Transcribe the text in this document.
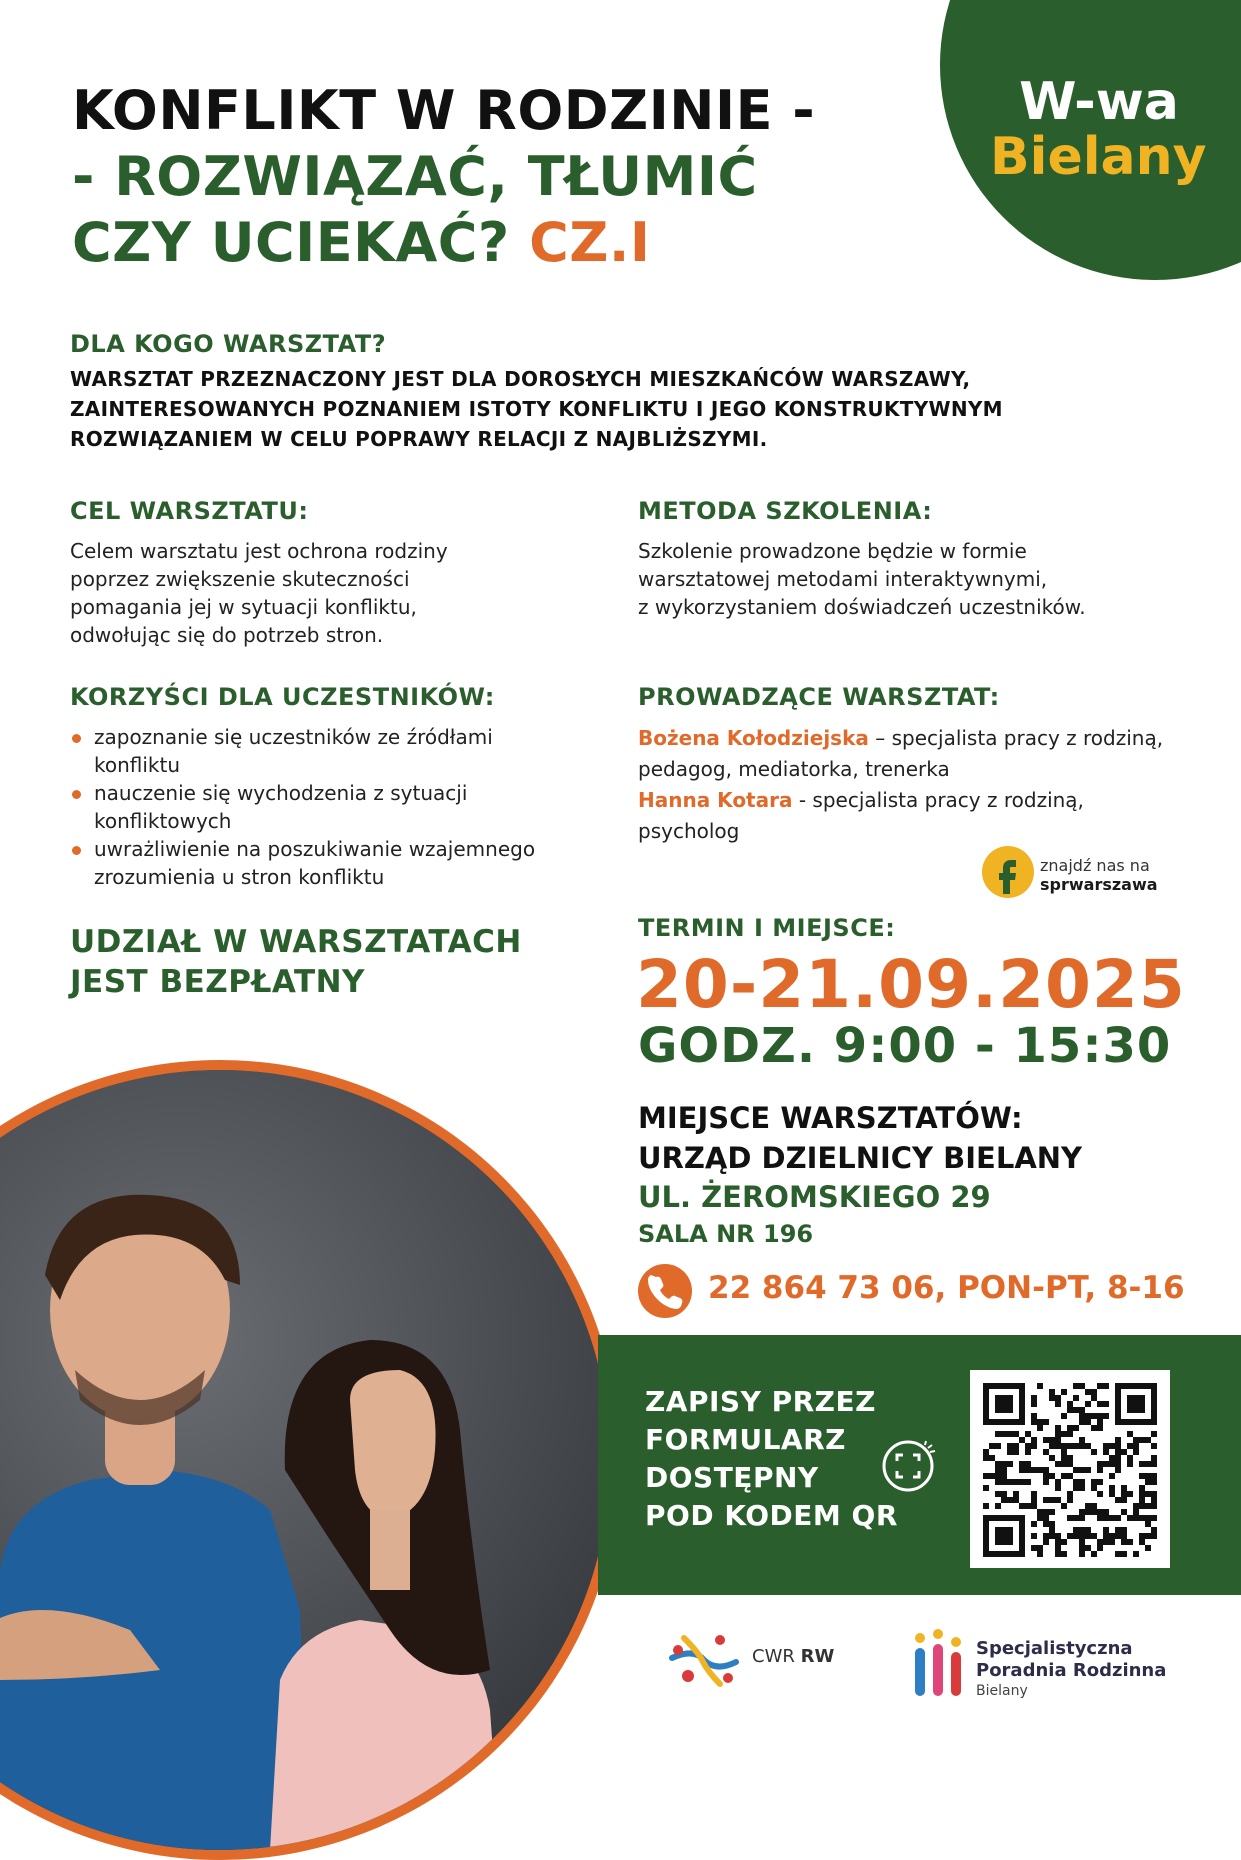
W-wa
Bielany
KONFLIKT W RODZINIE -
- ROZWIĄZAĆ, TŁUMIĆ
CZY UCIEKAĆ? CZ.I
DLA KOGO WARSZTAT?
WARSZTAT PRZEZNACZONY JEST DLA DOROSŁYCH MIESZKAŃCÓW WARSZAWY,
ZAINTERESOWANYCH POZNANIEM ISTOTY KONFLIKTU I JEGO KONSTRUKTYWNYM
ROZWIĄZANIEM W CELU POPRAWY RELACJI Z NAJBLIŻSZYMI.
CEL WARSZTATU:
Celem warsztatu jest ochrona rodziny
poprzez zwiększenie skuteczności
pomagania jej w sytuacji konfliktu,
odwołując się do potrzeb stron.
METODA SZKOLENIA:
Szkolenie prowadzone będzie w formie
warsztatowej metodami interaktywnymi,
z wykorzystaniem doświadczeń uczestników.
KORZYŚCI DLA UCZESTNIKÓW:
zapoznanie się uczestników ze źródłami
konfliktu
nauczenie się wychodzenia z sytuacji
konfliktowych
uwrażliwienie na poszukiwanie wzajemnego
zrozumienia u stron konfliktu
PROWADZĄCE WARSZTAT:
Bożena Kołodziejska – specjalista pracy z rodziną,
pedagog, mediatorka, trenerka
Hanna Kotara - specjalista pracy z rodziną,
psycholog
znajdź nas na
sprwarszawa
UDZIAŁ W WARSZTATACH
JEST BEZPŁATNY
TERMIN I MIEJSCE:
20-21.09.2025
GODZ. 9:00 - 15:30
MIEJSCE WARSZTATÓW:
URZĄD DZIELNICY BIELANY
UL. ŻEROMSKIEGO 29
SALA NR 196
22 864 73 06, PON-PT, 8-16
ZAPISY PRZEZ
FORMULARZ
DOSTĘPNY
POD KODEM QR
CWR RW	Specjalistyczna
Poradnia Rodzinna
Bielany
